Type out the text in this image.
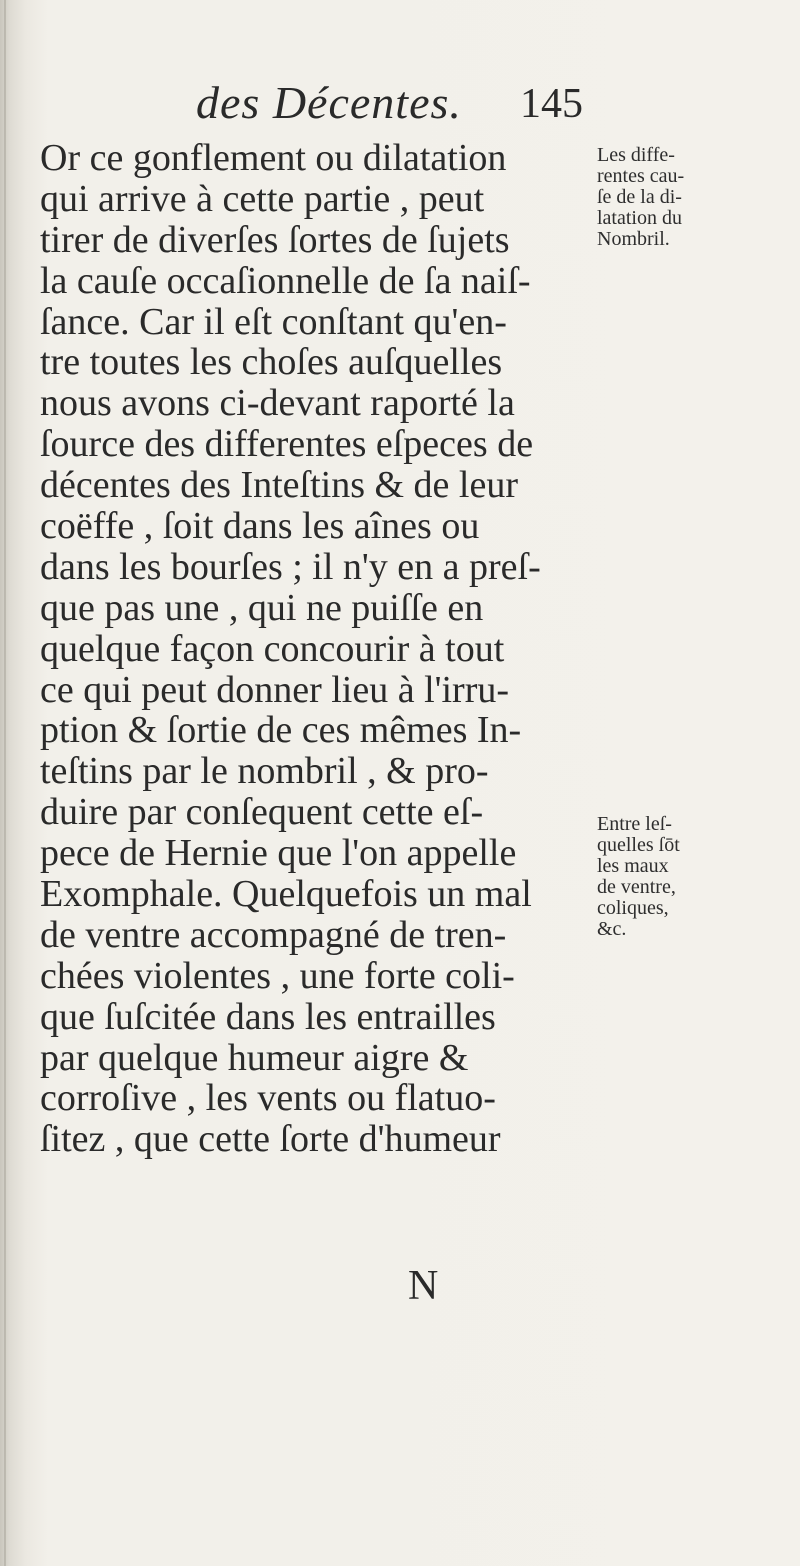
des Décentes. 145
Or ce gonflement ou dilatation
qui arrive à cette partie , peut
tirer de diverſes ſortes de ſujets
la cauſe occaſionnelle de ſa naiſ-
ſance. Car il eſt conſtant qu'en-
tre toutes les choſes auſquelles
nous avons ci-devant raporté la
ſource des differentes eſpeces de
décentes des Inteſtins & de leur
coëffe , ſoit dans les aînes ou
dans les bourſes ; il n'y en a preſ-
que pas une , qui ne puiſſe en
quelque façon concourir à tout
ce qui peut donner lieu à l'irru-
ption & ſortie de ces mêmes In-
teſtins par le nombril , & pro-
duire par conſequent cette eſ-
pece de Hernie que l'on appelle
Exomphale. Quelquefois un mal
de ventre accompagné de tren-
chées violentes , une forte coli-
que ſuſcitée dans les entrailles
par quelque humeur aigre &
corroſive , les vents ou flatuo-
ſitez , que cette ſorte d'humeur
N
Les diffe-
rentes cau-
ſe de la di-
latation du
Nombril.
Entre leſ-
quelles ſōt
les maux
de ventre,
coliques,
&c.
